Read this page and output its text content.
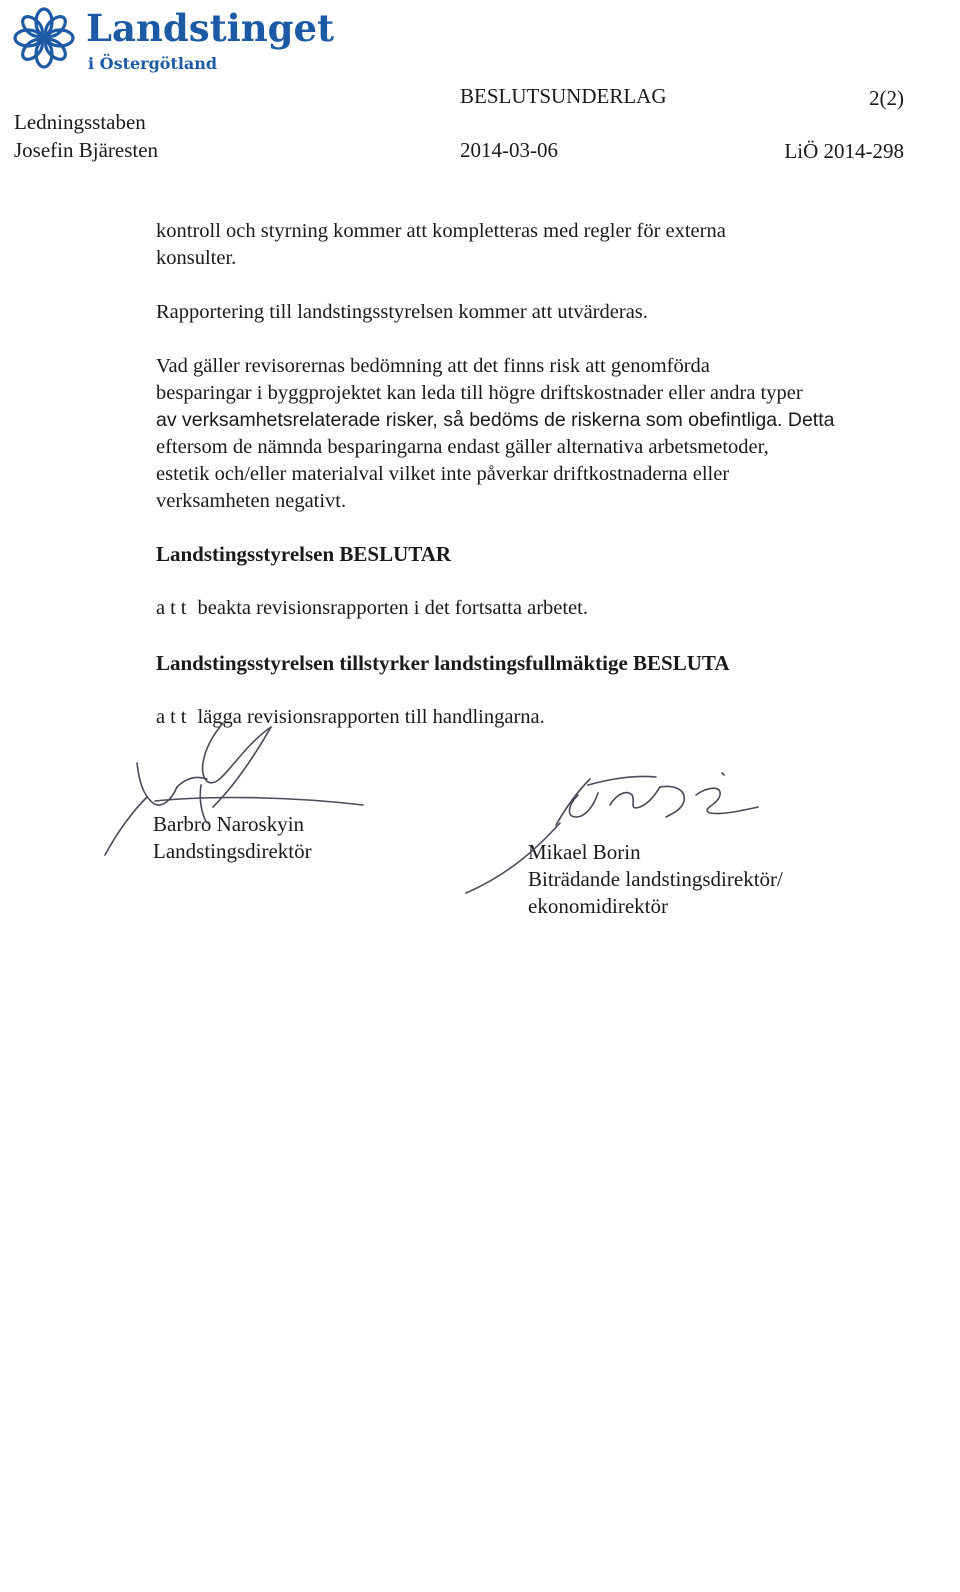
Landstinget
i Östergötland
Ledningsstaben
Josefin Bjäresten
BESLUTSUNDERLAG
2014-03-06
2(2)
LiÖ 2014-298
kontroll och styrning kommer att kompletteras med regler för externa
konsulter.
Rapportering till landstingsstyrelsen kommer att utvärderas.
Vad gäller revisorernas bedömning att det finns risk att genomförda
besparingar i byggprojektet kan leda till högre driftskostnader eller andra typer
av verksamhetsrelaterade risker, så bedöms de riskerna som obefintliga. Detta
eftersom de nämnda besparingarna endast gäller alternativa arbetsmetoder,
estetik och/eller materialval vilket inte påverkar driftkostnaderna eller
verksamheten negativt.
Landstingsstyrelsen BESLUTAR
att beakta revisionsrapporten i det fortsatta arbetet.
Landstingsstyrelsen tillstyrker landstingsfullmäktige BESLUTA
att lägga revisionsrapporten till handlingarna.
Barbro Naroskyin
Landstingsdirektör	Mikael Borin
Biträdande landstingsdirektör/
ekonomidirektör
